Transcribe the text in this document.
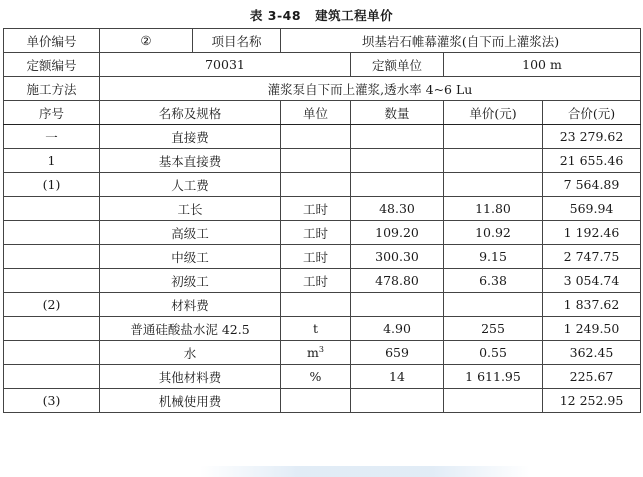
表 3-48 建筑工程单价
单价编号	②	项目名称	坝基岩石帷幕灌浆(自下而上灌浆法)			
定额编号	70031			定额单位	100 m	
施工方法	灌浆泵自下而上灌浆,透水率 4~6 Lu					
序号	名称及规格		单位	数量	单价(元)	合价(元)
一	直接费					23 279.62
1	基本直接费					21 655.46
(1)	人工费					7 564.89
	工长		工时	48.30	11.80	569.94
	高级工		工时	109.20	10.92	1 192.46
	中级工		工时	300.30	9.15	2 747.75
	初级工		工时	478.80	6.38	3 054.74
(2)	材料费					1 837.62
	普通硅酸盐水泥 42.5		t	4.90	255	1 249.50
	水		$m^3$	659	0.55	362.45
	其他材料费		%	14	1 611.95	225.67
(3)	机械使用费					12 252.95
